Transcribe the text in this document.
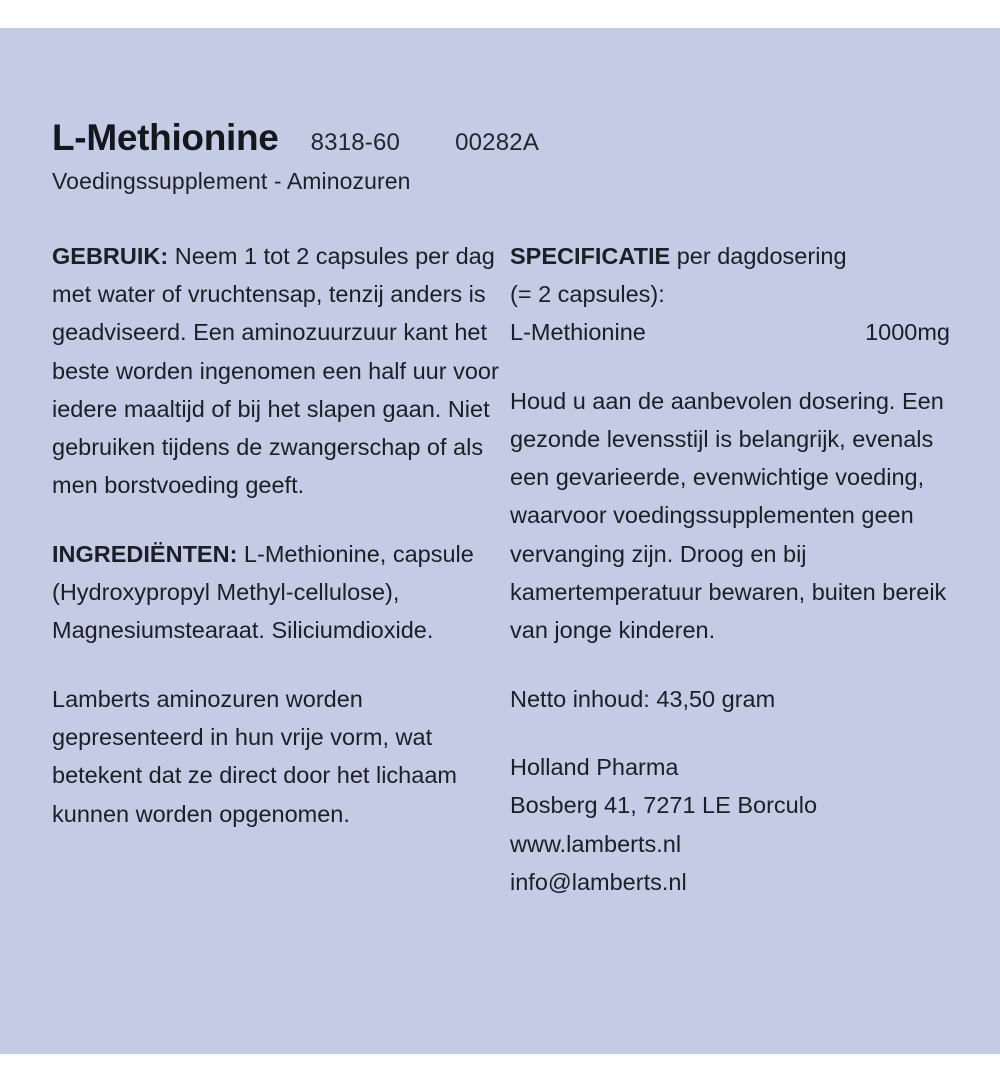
L-Methionine 8318-60 00282A
Voedingssupplement - Aminozuren

GEBRUIK: Neem 1 tot 2 capsules per dag met water of vruchtensap, tenzij anders is geadviseerd. Een aminozuurzuur kant het beste worden ingenomen een half uur voor iedere maaltijd of bij het slapen gaan. Niet gebruiken tijdens de zwangerschap of als men borstvoeding geeft.

INGREDIËNTEN: L-Methionine, capsule (Hydroxypropyl Methyl-cellulose), Magnesiumstearaat. Siliciumdioxide.

Lamberts aminozuren worden gepresenteerd in hun vrije vorm, wat betekent dat ze direct door het lichaam kunnen worden opgenomen.

SPECIFICATIE per dagdosering
(= 2 capsules):

L-Methionine	1000mg

Houd u aan de aanbevolen dosering. Een gezonde levensstijl is belangrijk, evenals een gevarieerde, evenwichtige voeding, waarvoor voedingssupplementen geen vervanging zijn. Droog en bij kamertemperatuur bewaren, buiten bereik van jonge kinderen.

Netto inhoud: 43,50 gram

Holland Pharma
Bosberg 41, 7271 LE Borculo
www.lamberts.nl
info@lamberts.nl
